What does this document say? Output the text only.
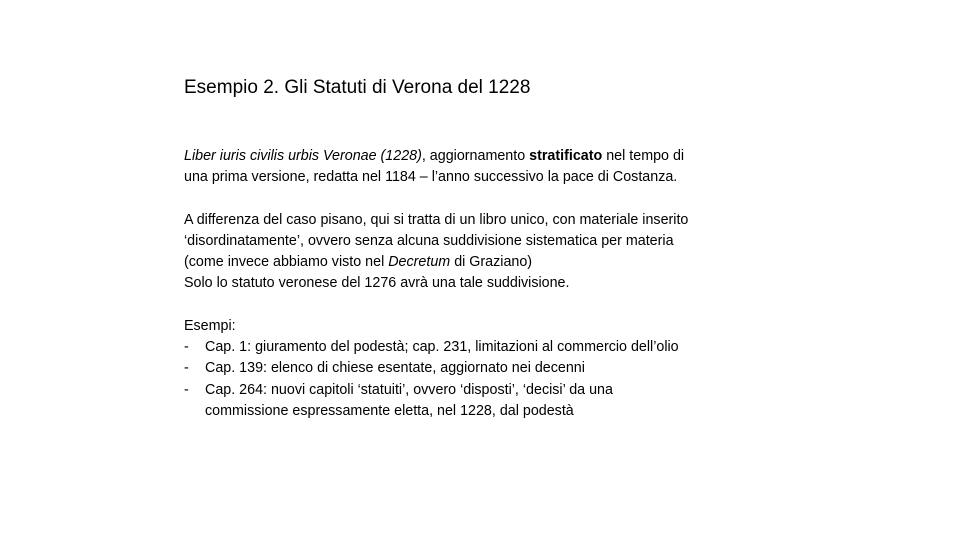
Esempio 2. Gli Statuti di Verona del 1228

Liber iuris civilis urbis Veronae (1228), aggiornamento stratificato nel tempo di
una prima versione, redatta nel 1184 – l’anno successivo la pace di Costanza.

A differenza del caso pisano, qui si tratta di un libro unico, con materiale inserito
‘disordinatamente’, ovvero senza alcuna suddivisione sistematica per materia
(come invece abbiamo visto nel Decretum di Graziano)
Solo lo statuto veronese del 1276 avrà una tale suddivisione.

Esempi:
- Cap. 1: giuramento del podestà; cap. 231, limitazioni al commercio dell’olio
- Cap. 139: elenco di chiese esentate, aggiornato nei decenni
- Cap. 264: nuovi capitoli ‘statuiti’, ovvero ‘disposti’, ‘decisi’ da una
commissione espressamente eletta, nel 1228, dal podestà
